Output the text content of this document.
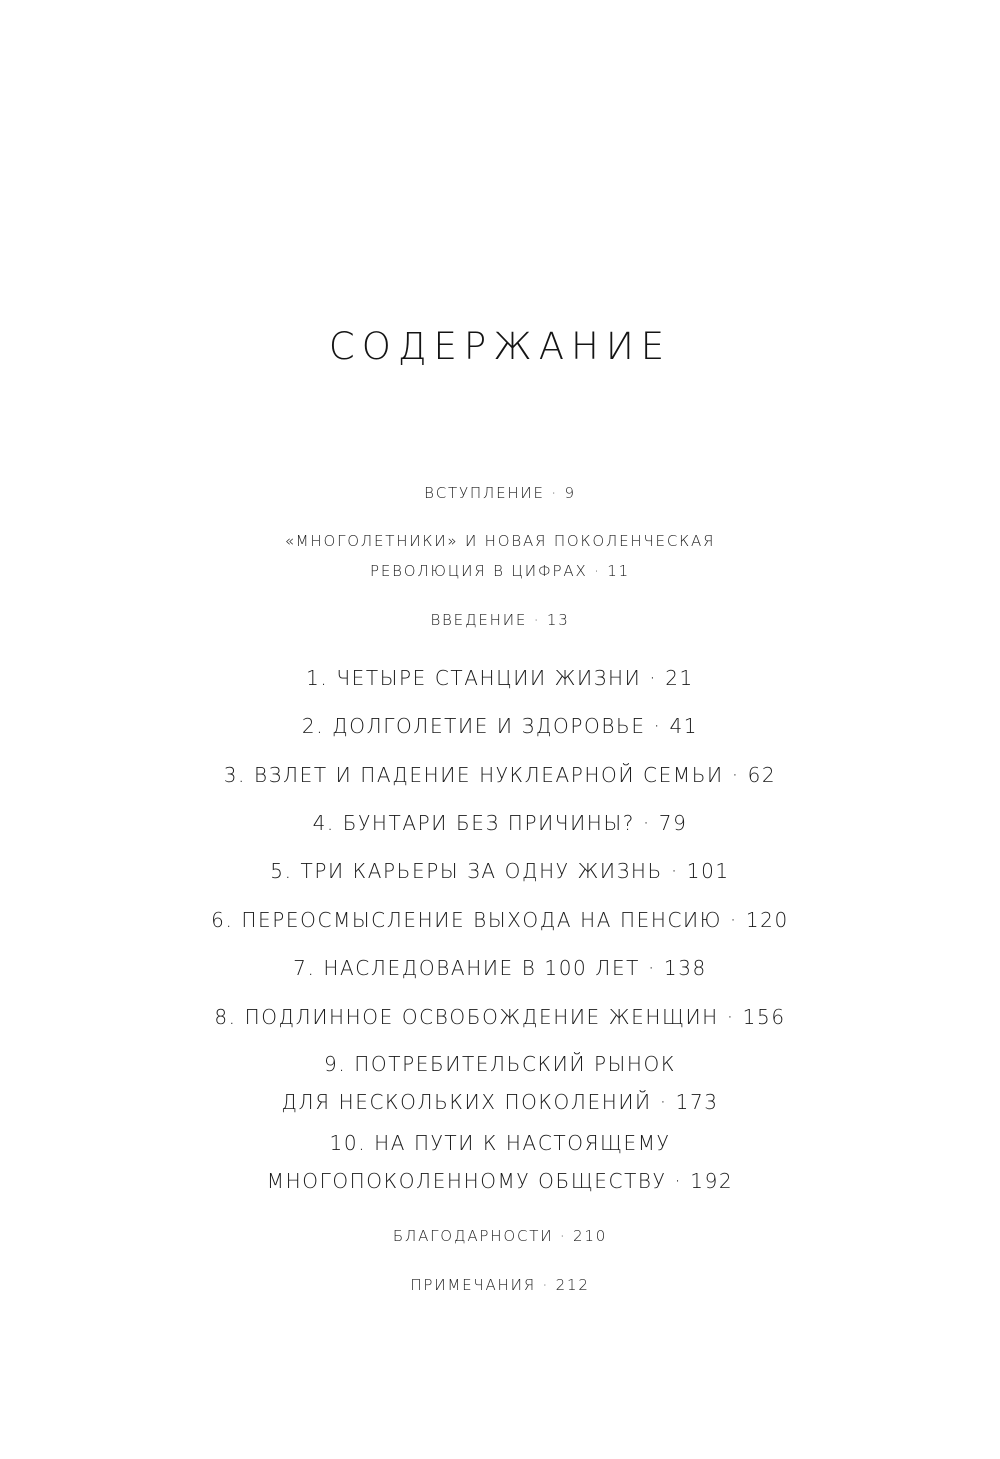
СОДЕРЖАНИЕ
ВСТУПЛЕНИЕ · 9
«МНОГОЛЕТНИКИ» И НОВАЯ ПОКОЛЕНЧЕСКАЯ
РЕВОЛЮЦИЯ В ЦИФРАХ · 11
ВВЕДЕНИЕ · 13
1. ЧЕТЫРЕ СТАНЦИИ ЖИЗНИ · 21
2. ДОЛГОЛЕТИЕ И ЗДОРОВЬЕ · 41
3. ВЗЛЕТ И ПАДЕНИЕ НУКЛЕАРНОЙ СЕМЬИ · 62
4. БУНТАРИ БЕЗ ПРИЧИНЫ? · 79
5. ТРИ КАРЬЕРЫ ЗА ОДНУ ЖИЗНЬ · 101
6. ПЕРЕОСМЫСЛЕНИЕ ВЫХОДА НА ПЕНСИЮ · 120
7. НАСЛЕДОВАНИЕ В 100 ЛЕТ · 138
8. ПОДЛИННОЕ ОСВОБОЖДЕНИЕ ЖЕНЩИН · 156
9. ПОТРЕБИТЕЛЬСКИЙ РЫНОК
ДЛЯ НЕСКОЛЬКИХ ПОКОЛЕНИЙ · 173
10. НА ПУТИ К НАСТОЯЩЕМУ
МНОГОПОКОЛЕННОМУ ОБЩЕСТВУ · 192
БЛАГОДАРНОСТИ · 210
ПРИМЕЧАНИЯ · 212
